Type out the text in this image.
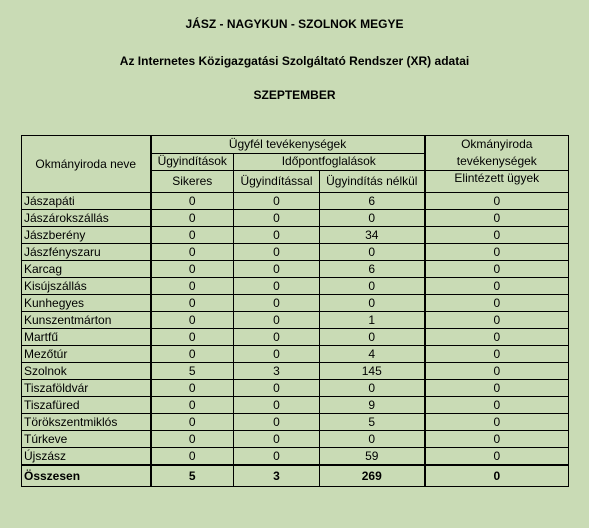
JÁSZ - NAGYKUN - SZOLNOK MEGYE
Az Internetes Közigazgatási Szolgáltató Rendszer (XR) adatai
SZEPTEMBER
Okmányiroda neve	Ügyfél tevékenységek			Okmányiroda tevékenységek
	Ügyindítások	Időpontfoglalások		
	Sikeres	Ügyindítással	Ügyindítás nélkül	Elintézett ügyek
Jászapáti	0	0	6	0
Jászárokszállás	0	0	0	0
Jászberény	0	0	34	0
Jászfényszaru	0	0	0	0
Karcag	0	0	6	0
Kisújszállás	0	0	0	0
Kunhegyes	0	0	0	0
Kunszentmárton	0	0	1	0
Martfű	0	0	0	0
Mezőtúr	0	0	4	0
Szolnok	5	3	145	0
Tiszaföldvár	0	0	0	0
Tiszafüred	0	0	9	0
Törökszentmiklós	0	0	5	0
Túrkeve	0	0	0	0
Újszász	0	0	59	0
Összesen	5	3	269	0
